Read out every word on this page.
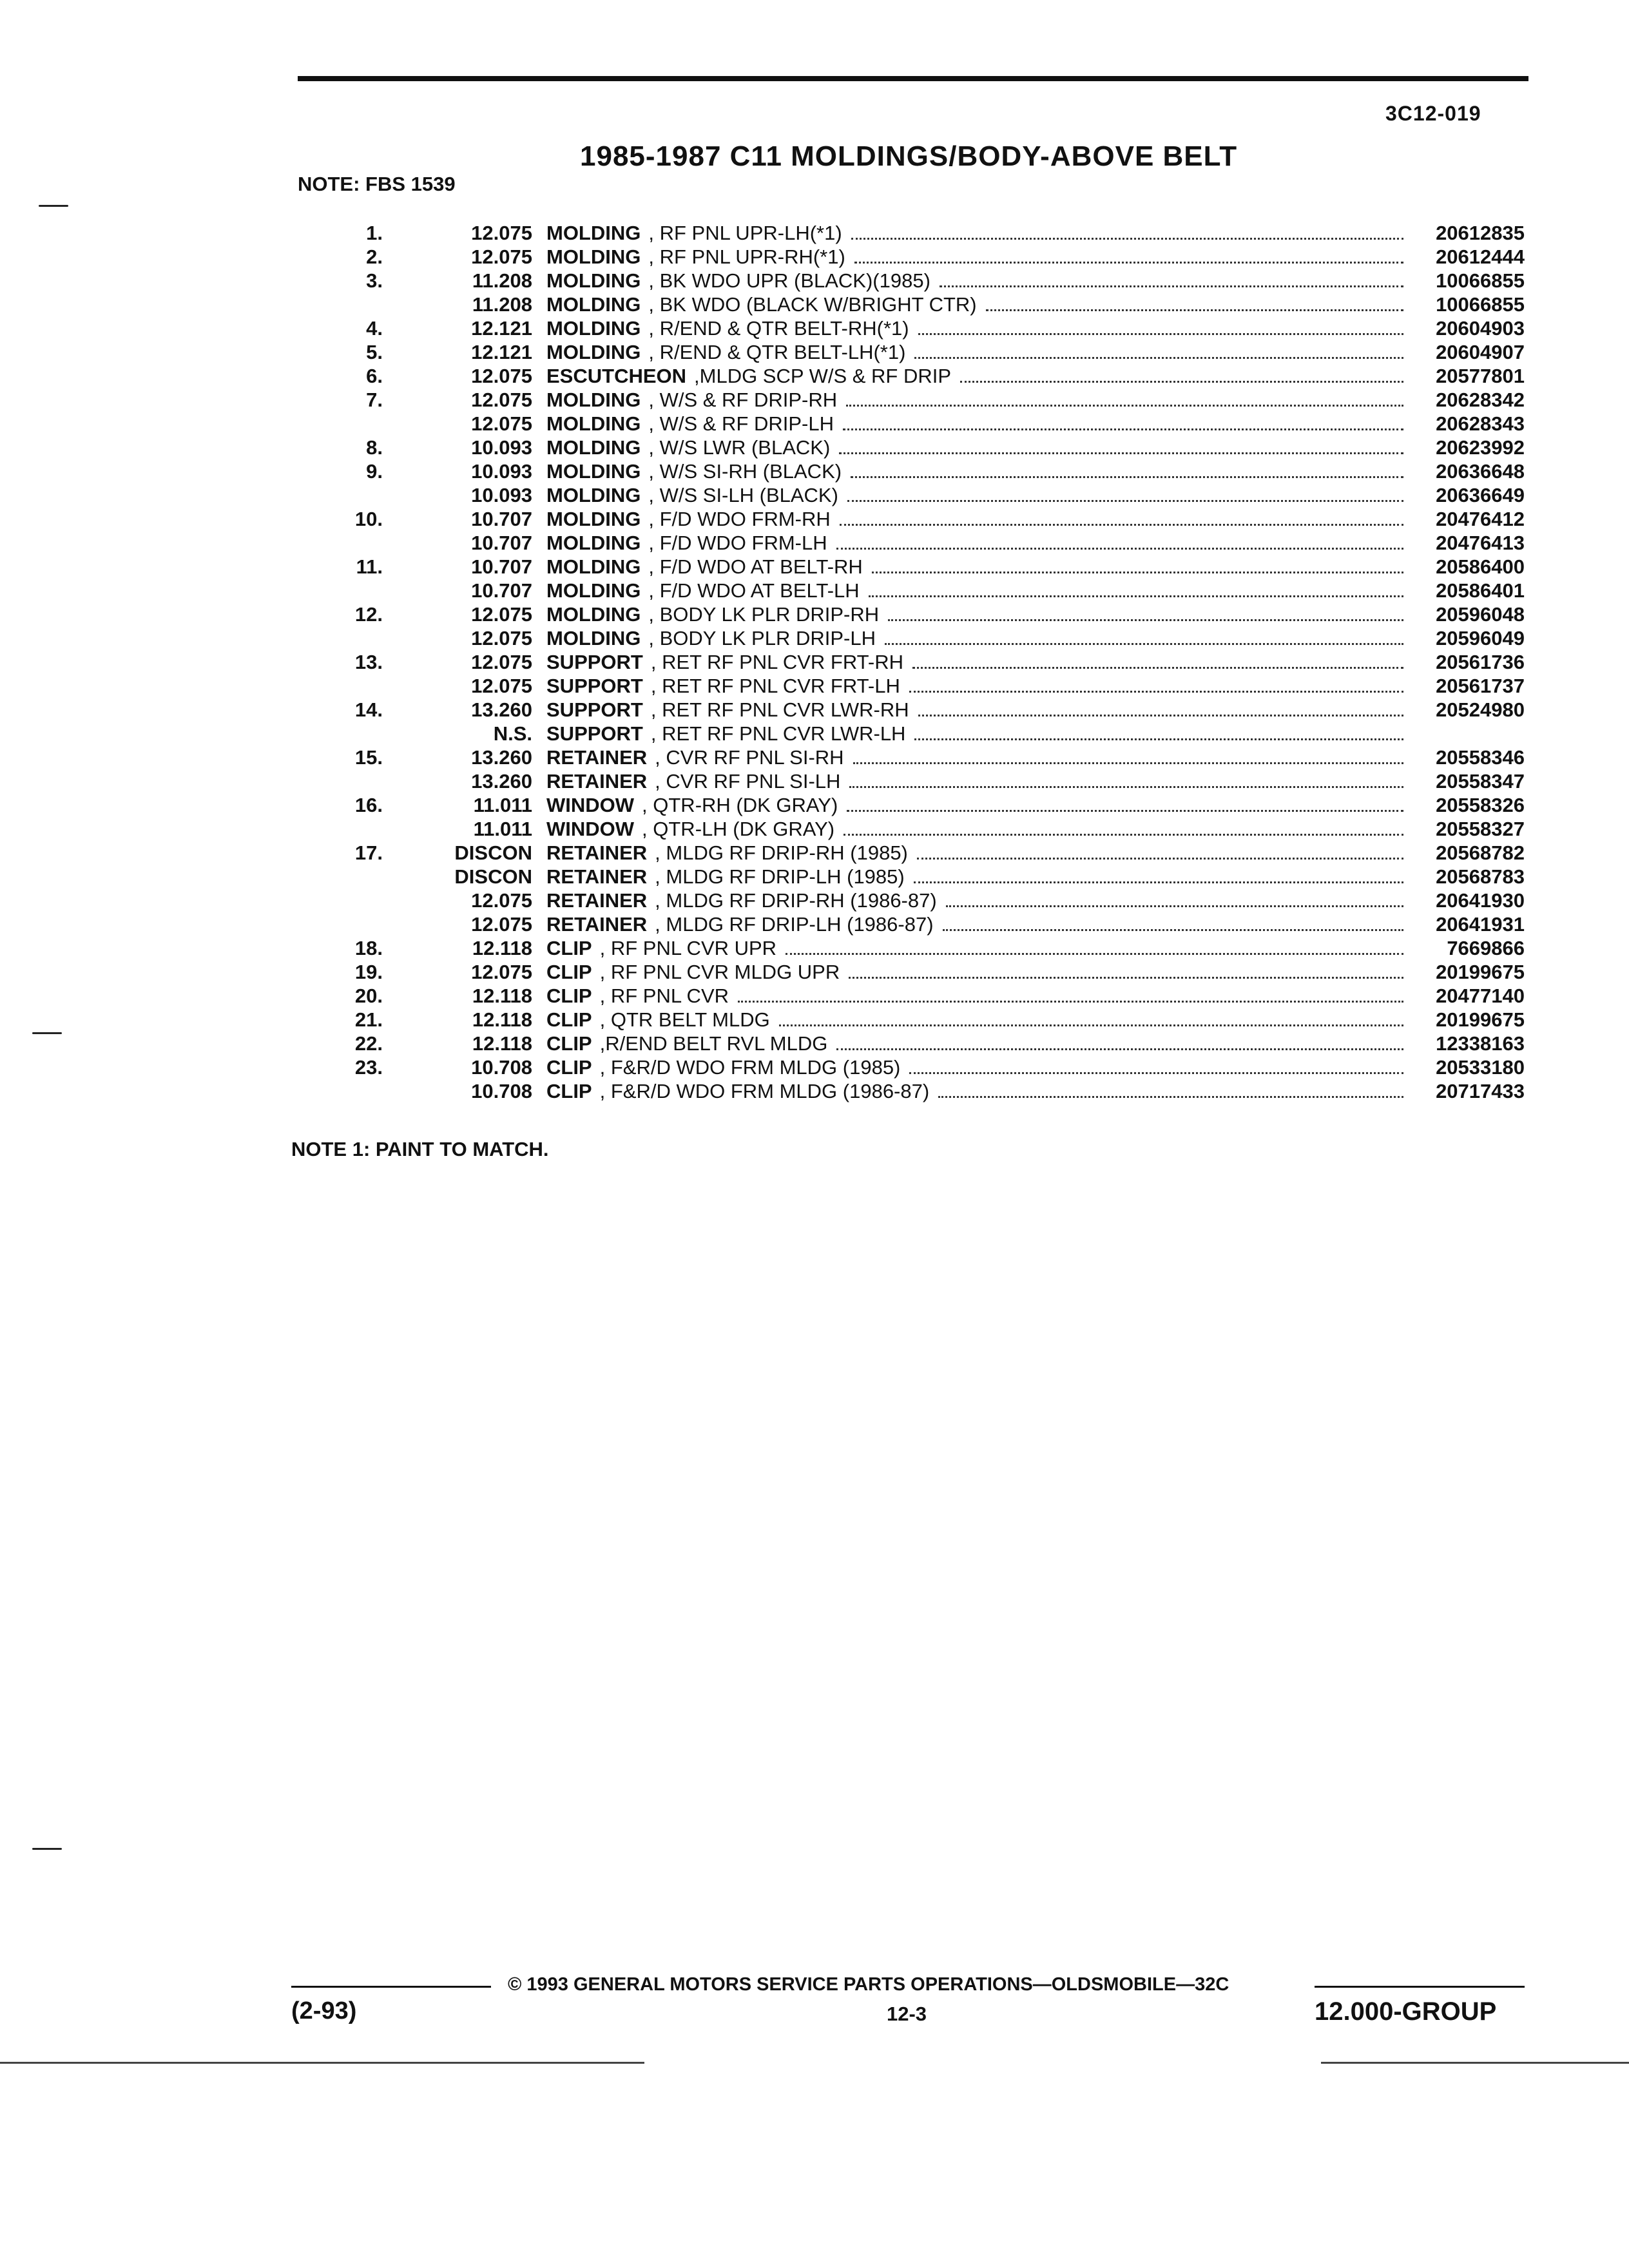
3C12-019
1985-1987 C11 MOLDINGS/BODY-ABOVE BELT
NOTE: FBS 1539
1.	12.075 MOLDING , RF PNL UPR-LH(*1)	20612835
2.	12.075 MOLDING , RF PNL UPR-RH(*1)	20612444
3.	11.208 MOLDING , BK WDO UPR (BLACK)(1985)	10066855
11.208 MOLDING , BK WDO (BLACK W/BRIGHT CTR)	10066855
4.	12.121 MOLDING , R/END & QTR BELT-RH(*1)	20604903
5.	12.121 MOLDING , R/END & QTR BELT-LH(*1)	20604907
6.	12.075 ESCUTCHEON ,MLDG SCP W/S & RF DRIP	20577801
7.	12.075 MOLDING , W/S & RF DRIP-RH	20628342
12.075 MOLDING , W/S & RF DRIP-LH	20628343
8.	10.093 MOLDING , W/S LWR (BLACK)	20623992
9.	10.093 MOLDING , W/S SI-RH (BLACK)	20636648
10.093 MOLDING , W/S SI-LH (BLACK)	20636649
10.	10.707 MOLDING , F/D WDO FRM-RH	20476412
10.707 MOLDING , F/D WDO FRM-LH	20476413
11.	10.707 MOLDING , F/D WDO AT BELT-RH	20586400
10.707 MOLDING , F/D WDO AT BELT-LH	20586401
12.	12.075 MOLDING , BODY LK PLR DRIP-RH	20596048
12.075 MOLDING , BODY LK PLR DRIP-LH	20596049
13.	12.075 SUPPORT , RET RF PNL CVR FRT-RH	20561736
12.075 SUPPORT , RET RF PNL CVR FRT-LH	20561737
14.	13.260 SUPPORT , RET RF PNL CVR LWR-RH	20524980
N.S. SUPPORT , RET RF PNL CVR LWR-LH
15.	13.260 RETAINER , CVR RF PNL SI-RH	20558346
13.260 RETAINER , CVR RF PNL SI-LH	20558347
16.	11.011 WINDOW , QTR-RH (DK GRAY)	20558326
11.011 WINDOW , QTR-LH (DK GRAY)	20558327
17.	DISCON RETAINER , MLDG RF DRIP-RH (1985)	20568782
DISCON RETAINER , MLDG RF DRIP-LH (1985)	20568783
12.075 RETAINER , MLDG RF DRIP-RH (1986-87)	20641930
12.075 RETAINER , MLDG RF DRIP-LH (1986-87)	20641931
18.	12.118 CLIP , RF PNL CVR UPR	7669866
19.	12.075 CLIP , RF PNL CVR MLDG UPR	20199675
20.	12.118 CLIP , RF PNL CVR	20477140
21.	12.118 CLIP , QTR BELT MLDG	20199675
22.	12.118 CLIP ,R/END BELT RVL MLDG	12338163
23.	10.708 CLIP , F&R/D WDO FRM MLDG (1985)	20533180
10.708 CLIP , F&R/D WDO FRM MLDG (1986-87)	20717433
NOTE 1: PAINT TO MATCH.
© 1993 GENERAL MOTORS SERVICE PARTS OPERATIONS—OLDSMOBILE—32C
(2-93)	12-3	12.000-GROUP
